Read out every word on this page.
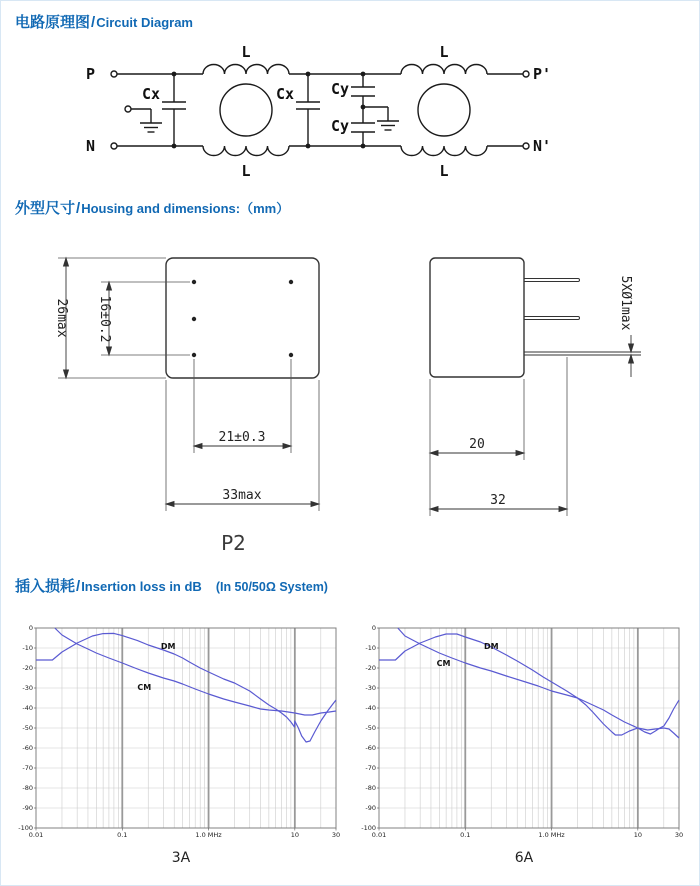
电路原理图/Circuit Diagram
P
N
P'
N'
L	L
L	L
Cx	Cx Cy
Cy
外型尺寸/Housing and dimensions:（mm）
26max 16±0.2
21±0.3
33max
20
32
5XØ1max
P2
插入损耗/Insertion loss in dB (In 50/50Ω System)
0
-10
-20
-30
-40
-50
-60
-70
-80
-90
-100
0.01	0.1	1.0 MHz	10	30
DM
CM
0
-10
-20
-30
-40
-50
-60
-70
-80
-90
-100
0.01	0.1	1.0 MHz	10	30
DM
CM
3A	6A
